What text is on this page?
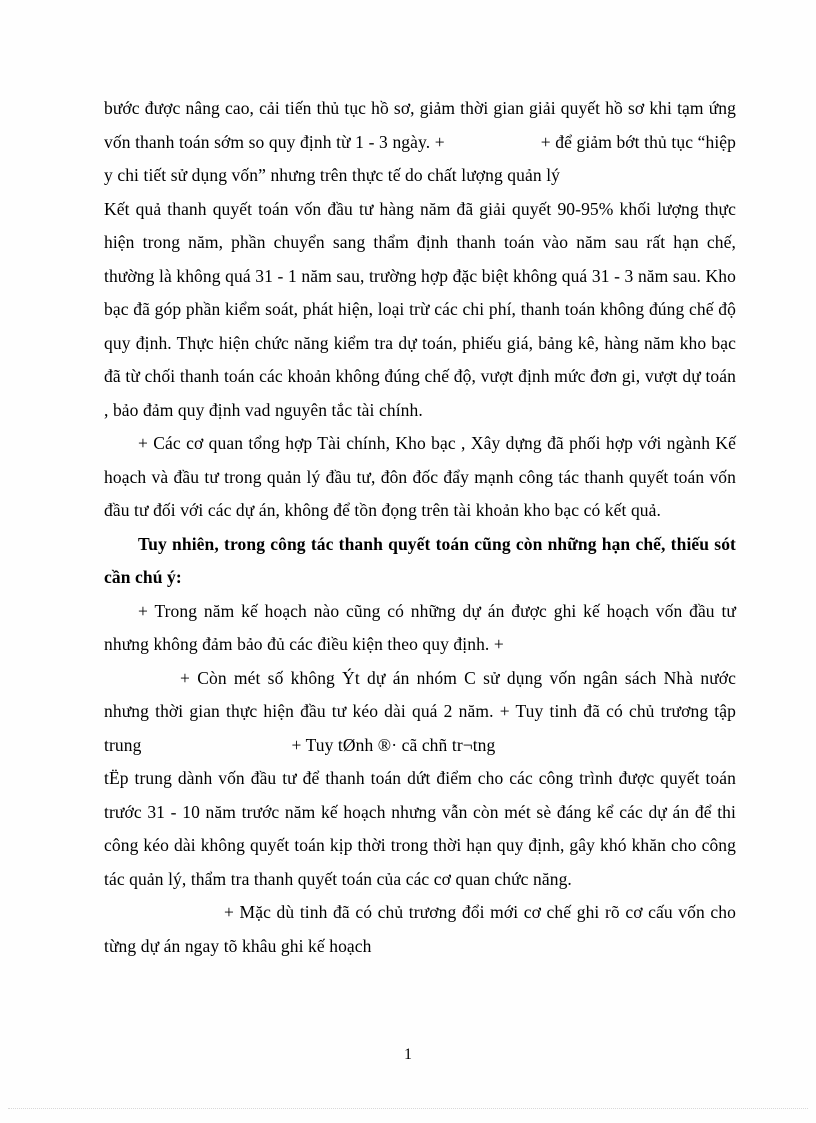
bước được nâng cao, cải tiến thủ tục hồ sơ, giảm thời gian giải quyết hồ sơ khi tạm ứng vốn thanh toán sớm so quy định từ 1 - 3 ngày. +	+ để giảm bớt thủ tục “hiệp y chi tiết sử dụng vốn” nhưng trên thực tế do chất lượng quản lý

Kết quả thanh quyết toán vốn đầu tư hàng năm đã giải quyết 90-95% khối lượng thực hiện trong năm, phần chuyển sang thẩm định thanh toán vào năm sau rất hạn chế, thường là không quá 31 - 1 năm sau, trường hợp đặc biệt không quá 31 - 3 năm sau. Kho bạc đã góp phần kiểm soát, phát hiện, loại trừ các chi phí, thanh toán không đúng chế độ quy định. Thực hiện chức năng kiểm tra dự toán, phiếu giá, bảng kê, hàng năm kho bạc đã từ chối thanh toán các khoản không đúng chế độ, vượt định mức đơn gi, vượt dự toán , bảo đảm quy định vad nguyên tắc tài chính.

+ Các cơ quan tổng hợp Tài chính, Kho bạc , Xây dựng đã phối hợp với ngành Kế hoạch và đầu tư trong quản lý đầu tư, đôn đốc đẩy mạnh công tác thanh quyết toán vốn đầu tư đối với các dự án, không để tồn đọng trên tài khoản kho bạc có kết quả.

Tuy nhiên, trong công tác thanh quyết toán cũng còn những hạn chế, thiếu sót cần chú ý:

+ Trong năm kế hoạch nào cũng có những dự án được ghi kế hoạch vốn đầu tư nhưng không đảm bảo đủ các điều kiện theo quy định. +

+ Còn mét số không Ýt dự án nhóm C sử dụng vốn ngân sách Nhà nước nhưng thời gian thực hiện đầu tư kéo dài quá 2 năm. + Tuy tinh đã có chủ trương tập trung	+ Tuy tØnh ®· cã chñ tr¬tng

tËp trung dành vốn đầu tư để thanh toán dứt điểm cho các công trình được quyết toán trước 31 - 10 năm trước năm kế hoạch nhưng vẫn còn mét sè đáng kể các dự án để thi công kéo dài không quyết toán kịp thời trong thời hạn quy định, gây khó khăn cho công tác quản lý, thẩm tra thanh quyết toán của các cơ quan chức năng.

+ Mặc dù tinh đã có chủ trương đổi mới cơ chế ghi rõ cơ cấu vốn cho từng dự án ngay tõ khâu ghi kế hoạch

1
